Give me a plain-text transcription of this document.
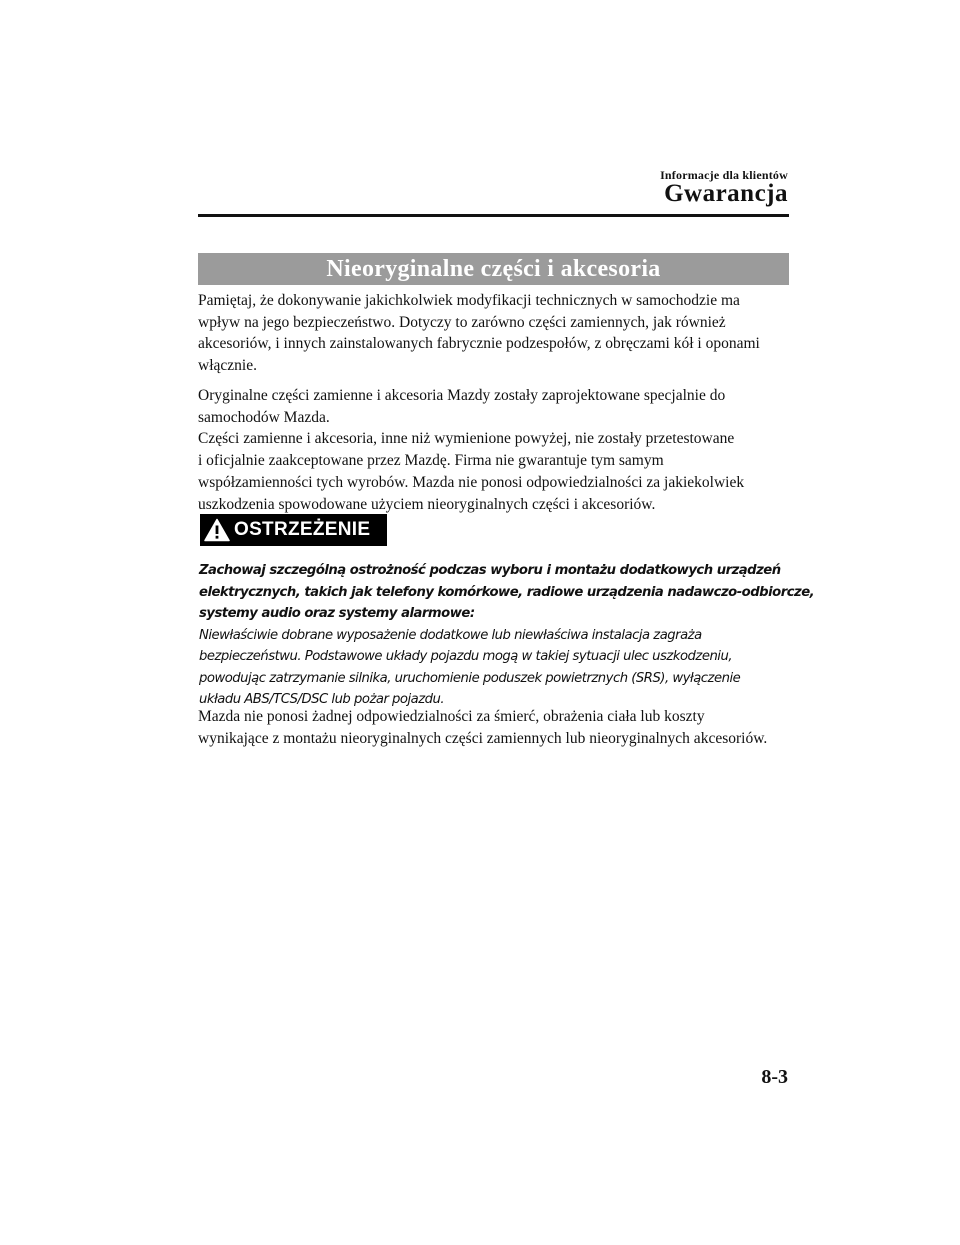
Informacje dla klientów
Gwarancja
Nieoryginalne części i akcesoria
Pamiętaj, że dokonywanie jakichkolwiek modyfikacji technicznych w samochodzie ma
wpływ na jego bezpieczeństwo. Dotyczy to zarówno części zamiennych, jak również
akcesoriów, i innych zainstalowanych fabrycznie podzespołów, z obręczami kół i oponami
włącznie.
Oryginalne części zamienne i akcesoria Mazdy zostały zaprojektowane specjalnie do
samochodów Mazda.
Części zamienne i akcesoria, inne niż wymienione powyżej, nie zostały przetestowane
i oficjalnie zaakceptowane przez Mazdę. Firma nie gwarantuje tym samym
współzamienności tych wyrobów. Mazda nie ponosi odpowiedzialności za jakiekolwiek
uszkodzenia spowodowane użyciem nieoryginalnych części i akcesoriów.
OSTRZEŻENIE
Zachowaj szczególną ostrożność podczas wyboru i montażu dodatkowych urządzeń
elektrycznych, takich jak telefony komórkowe, radiowe urządzenia nadawczo-odbiorcze,
systemy audio oraz systemy alarmowe:
Niewłaściwie dobrane wyposażenie dodatkowe lub niewłaściwa instalacja zagraża
bezpieczeństwu. Podstawowe układy pojazdu mogą w takiej sytuacji ulec uszkodzeniu,
powodując zatrzymanie silnika, uruchomienie poduszek powietrznych (SRS), wyłączenie
układu ABS/TCS/DSC lub pożar pojazdu.
Mazda nie ponosi żadnej odpowiedzialności za śmierć, obrażenia ciała lub koszty
wynikające z montażu nieoryginalnych części zamiennych lub nieoryginalnych akcesoriów.
8-3
